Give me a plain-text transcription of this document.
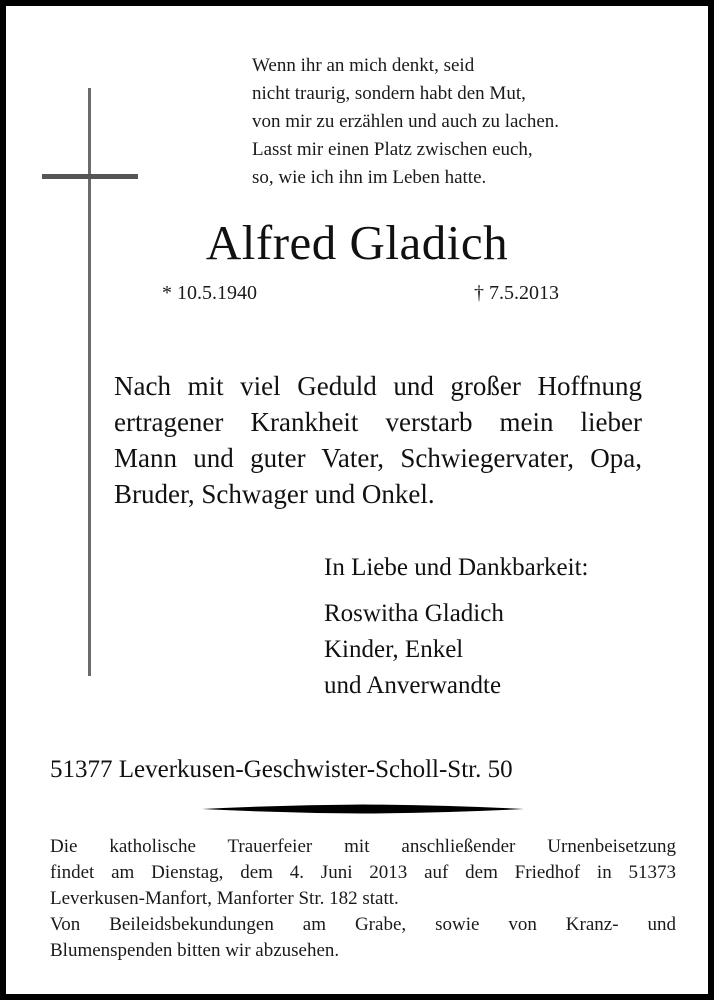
Wenn ihr an mich denkt, seid
nicht traurig, sondern habt den Mut,
von mir zu erzählen und auch zu lachen.
Lasst mir einen Platz zwischen euch,
so, wie ich ihn im Leben hatte.
Alfred Gladich
* 10.5.1940	† 7.5.2013
Nach mit viel Geduld und großer Hoffnung
ertragener Krankheit verstarb mein lieber
Mann und guter Vater, Schwiegervater, Opa,
Bruder, Schwager und Onkel.
In Liebe und Dankbarkeit:
Roswitha Gladich
Kinder, Enkel
und Anverwandte
51377 Leverkusen-Geschwister-Scholl-Str. 50
Die katholische Trauerfeier mit anschließender Urnenbeisetzung
findet am Dienstag, dem 4. Juni 2013 auf dem Friedhof in 51373
Leverkusen-Manfort, Manforter Str. 182 statt.
Von Beileidsbekundungen am Grabe, sowie von Kranz- und
Blumenspenden bitten wir abzusehen.
